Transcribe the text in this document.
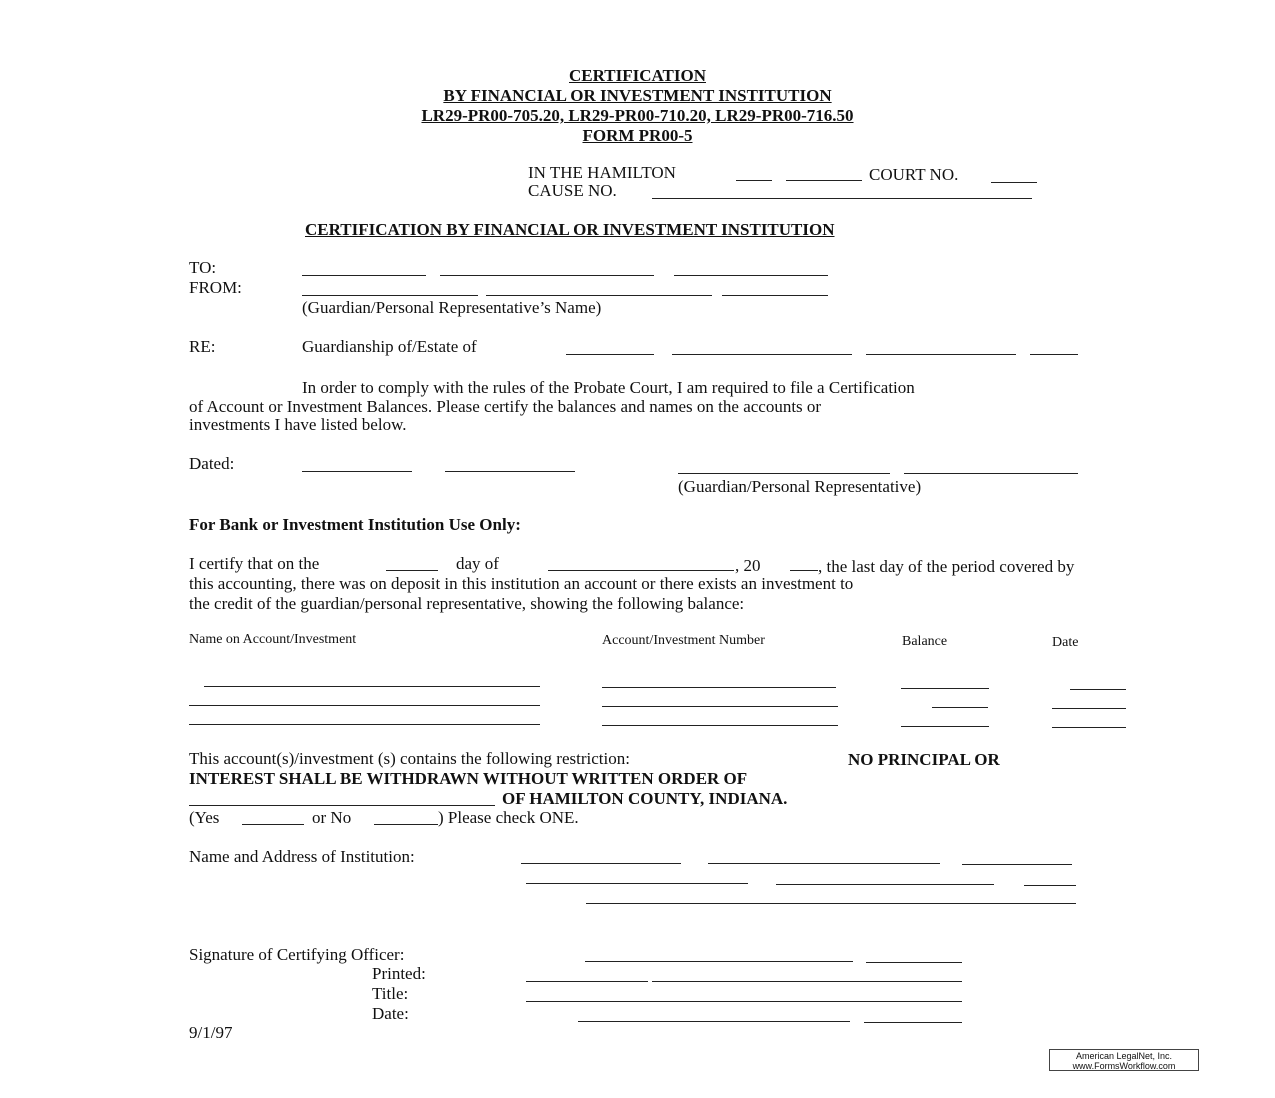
CERTIFICATION
BY FINANCIAL OR INVESTMENT INSTITUTION
LR29-PR00-705.20, LR29-PR00-710.20, LR29-PR00-716.50
FORM PR00-5
IN THE HAMILTON	COURT NO.
CAUSE NO.
CERTIFICATION BY FINANCIAL OR INVESTMENT INSTITUTION
TO:
FROM:
(Guardian/Personal Representative’s Name)
RE:	Guardianship of/Estate of
In order to comply with the rules of the Probate Court, I am required to file a Certification
of Account or Investment Balances. Please certify the balances and names on the accounts or
investments I have listed below.
Dated:
(Guardian/Personal Representative)
For Bank or Investment Institution Use Only:
I certify that on the	day of	, 20	, the last day of the period covered by
this accounting, there was on deposit in this institution an account or there exists an investment to
the credit of the guardian/personal representative, showing the following balance:
Name on Account/Investment	Account/Investment Number	Balance	Date
This account(s)/investment (s) contains the following restriction:	NO PRINCIPAL OR
INTEREST SHALL BE WITHDRAWN WITHOUT WRITTEN ORDER OF
OF HAMILTON COUNTY, INDIANA.
(Yes	or No	) Please check ONE.
Name and Address of Institution:
Signature of Certifying Officer:
Printed:
Title:
Date:
9/1/97
American LegalNet, Inc.
www.FormsWorkflow.com
